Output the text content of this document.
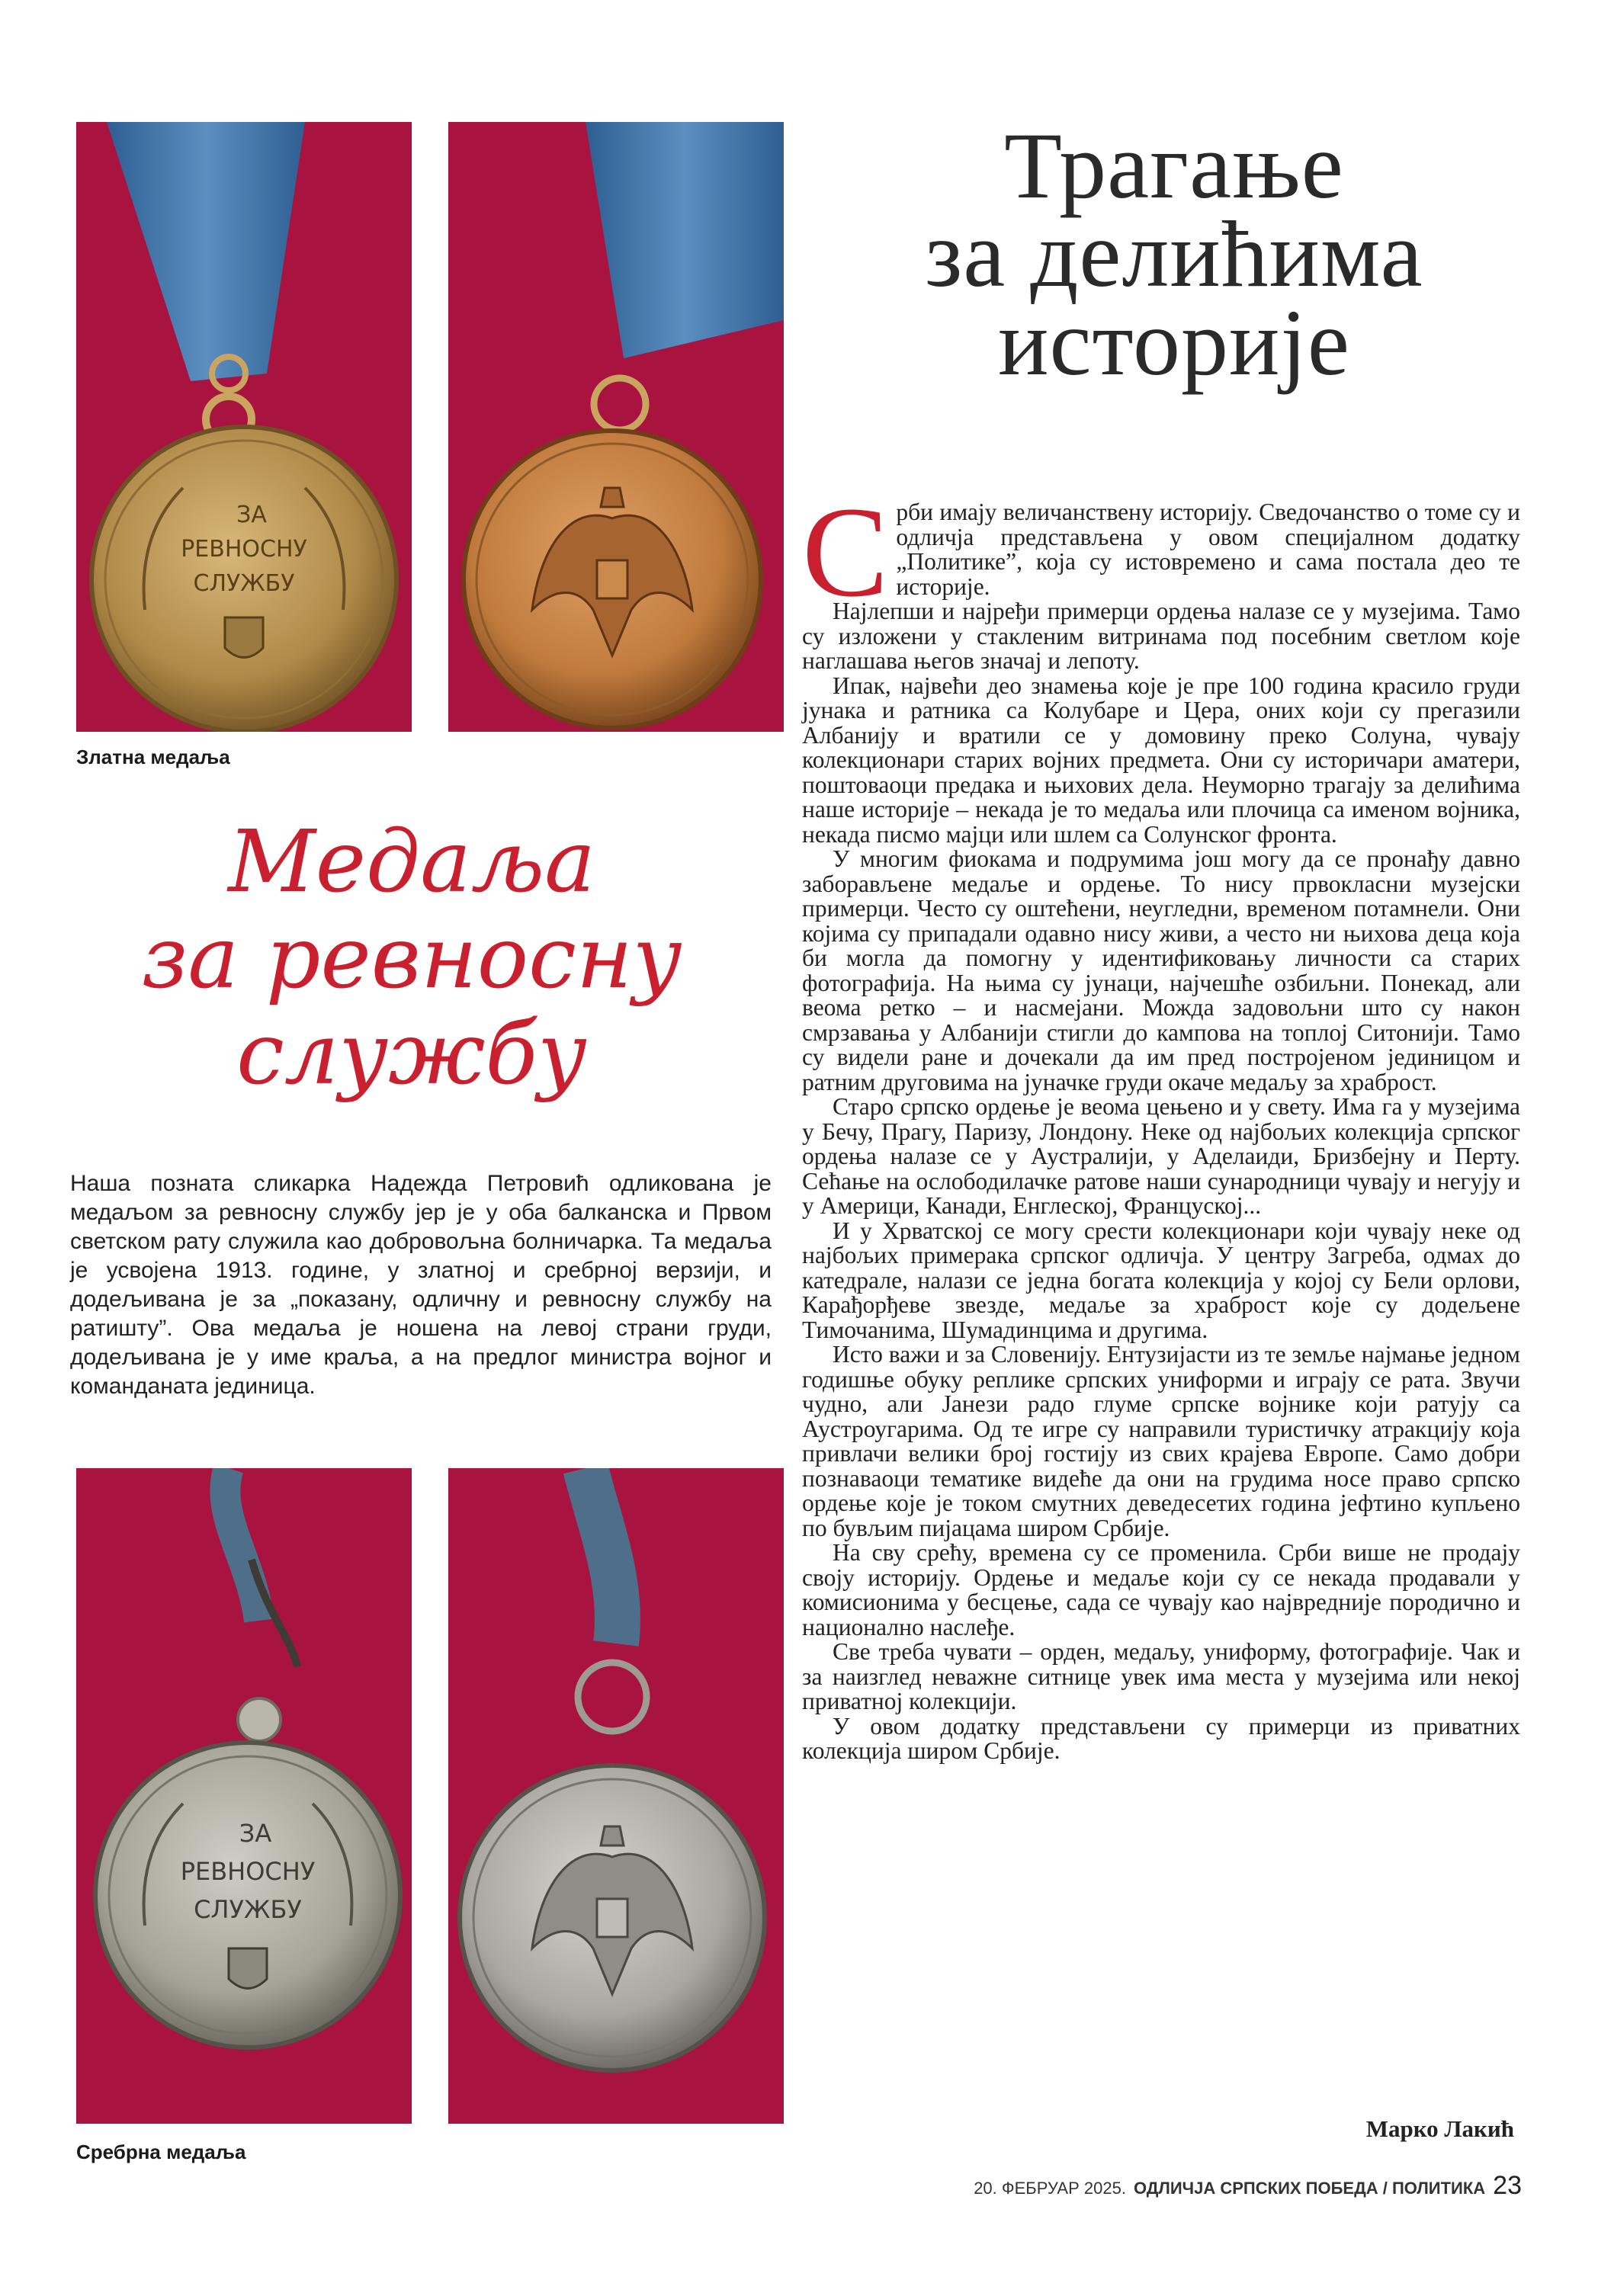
ЗА
РЕВНОСНУ
СЛУЖБУ
Златна медаља
Трагање
за делићима
историје
Медаља
за ревносну
службу
Наша позната сликарка Надежда Петровић одликована је медаљом за ревносну службу јер је у оба балканска и Првом светском рату служила као добровољна болничарка. Та медаља је усвојена 1913. године, у златној и сребрној верзији, и додељивана је за „показану, одличну и ревносну службу на ратишту”. Ова медаља је ношена на левој страни груди, додељивана је у име краља, а на предлог министра војног и команданата јединица.
ЗА
РЕВНОСНУ
СЛУЖБУ
Сребрна медаља

Срби имају величанствену историју. Сведочанство о томе су и одличја представљена у овом специјалном додатку „Политике”, која су истовремено и сама постала део те историје.

Најлепши и најређи примерци ордења налазе се у музејима. Тамо су изложени у стакленим витринама под посебним светлом које наглашава његов значај и лепоту.

Ипак, највећи део знамења које је пре 100 година красило груди јунака и ратника са Колубаре и Цера, оних који су прегазили Албанију и вратили се у домовину преко Солуна, чувају колекционари старих војних предмета. Они су историчари аматери, поштоваоци предака и њихових дела. Неуморно трагају за делићима наше историје – некада је то медаља или плочица са именом војника, некада писмо мајци или шлем са Солунског фронта.

У многим фиокама и подрумима још могу да се пронађу давно заборављене медаље и ордење. То нису првокласни музејски примерци. Често су оштећени, неугледни, временом потамнели. Они којима су припадали одавно нису живи, а често ни њихова деца која би могла да помогну у идентификовању личности са старих фотографија. На њима су јунаци, најчешће озбиљни. Понекад, али веома ретко – и насмејани. Можда задовољни што су након смрзавања у Албанији стигли до кампова на топлој Ситонији. Тамо су видели ране и дочекали да им пред постројеном јединицом и ратним друговима на јуначке груди окаче медаљу за храброст.

Старо српско ордење је веома цењено и у свету. Има га у музејима у Бечу, Прагу, Паризу, Лондону. Неке од најбољих колекција српског ордења налазе се у Аустралији, у Аделаиди, Бризбејну и Перту. Сећање на ослободилачке ратове наши сународници чувају и негују и у Америци, Канади, Енглеској, Француској...

И у Хрватској се могу срести колекционари који чувају неке од најбољих примерака српског одличја. У центру Загреба, одмах до катедрале, налази се једна богата колекција у којој су Бели орлови, Карађорђеве звезде, медаље за храброст које су додељене Тимочанима, Шумадинцима и другима.

Исто важи и за Словенију. Ентузијасти из те земље најмање једном годишње обуку реплике српских униформи и играју се рата. Звучи чудно, али Јанези радо глуме српске војнике који ратују са Аустроугарима. Од те игре су направили туристичку атракцију која привлачи велики број гостију из свих крајева Европе. Само добри познаваоци тематике видеће да они на грудима носе право српско ордење које је током смутних деведесетих година јефтино купљено по бувљим пијацама широм Србије.

На сву срећу, времена су се променила. Срби више не продају своју историју. Ордење и медаље који су се некада продавали у комисионима у бесцење, сада се чувају као највредније породично и национално наслеђе.

Све треба чувати – орден, медаљу, униформу, фотографије. Чак и за наизглед неважне ситнице увек има места у музејима или некој приватној колекцији.

У овом додатку представљени су примерци из приватних колекција широм Србије.

Марко Лакић
20. ФЕБРУАР 2025. ОДЛИЧЈА СРПСКИХ ПОБЕДА / ПОЛИТИКА 23
